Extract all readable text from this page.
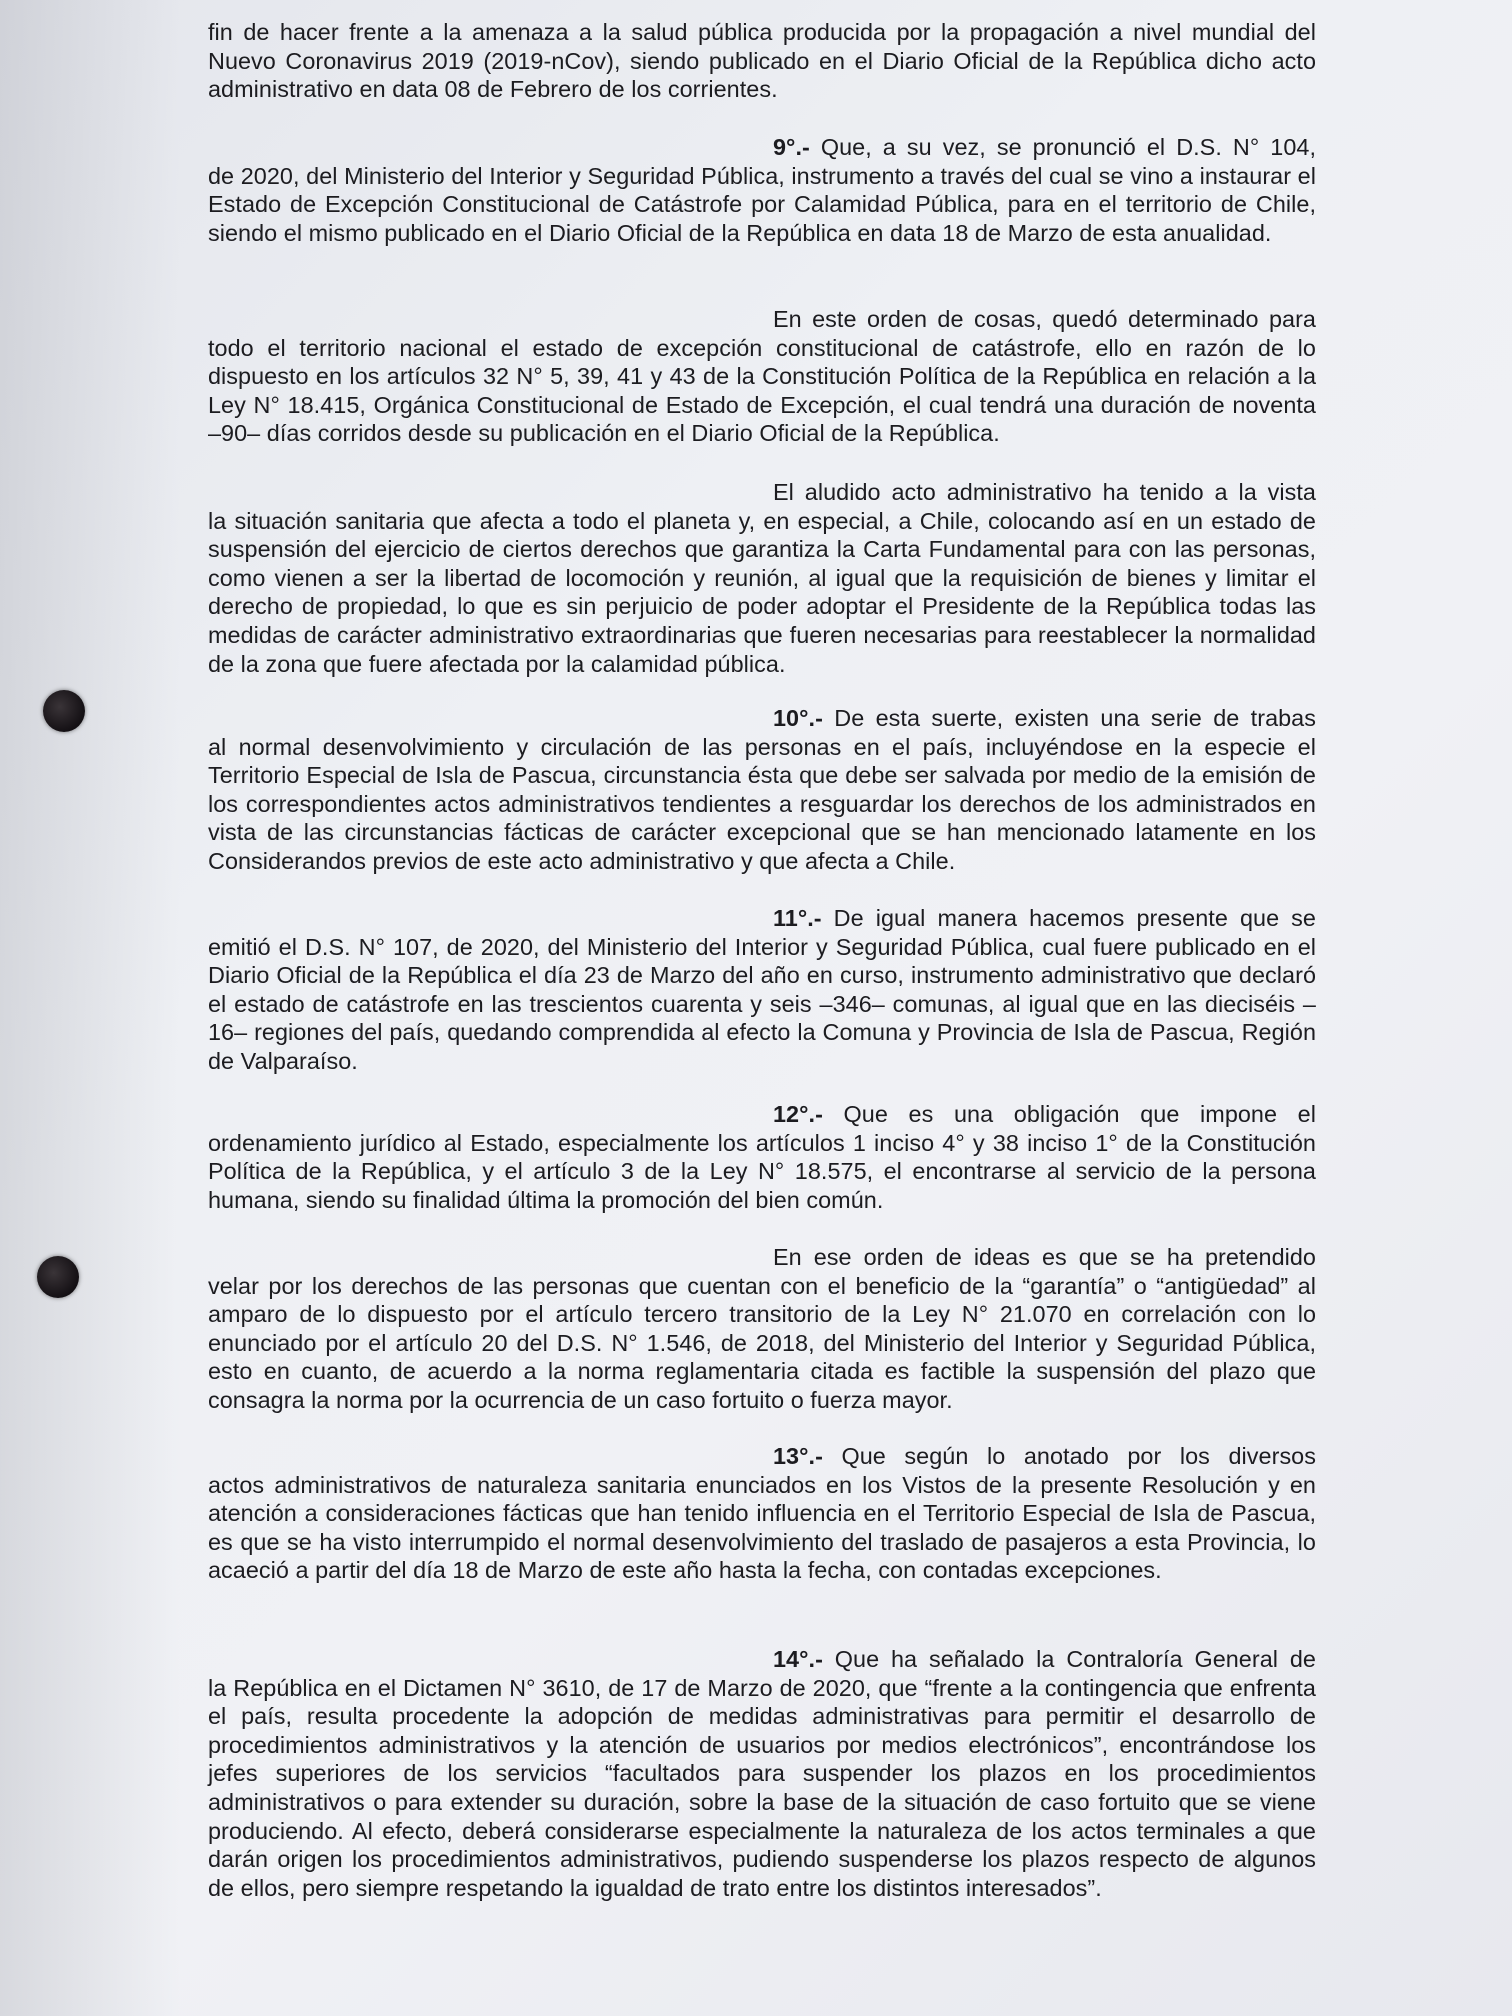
fin de hacer frente a la amenaza a la salud pública producida por la propagación a nivel mundial del Nuevo Coronavirus 2019 (2019-nCov), siendo publicado en el Diario Oficial de la República dicho acto administrativo en data 08 de Febrero de los corrientes.

9°.- Que, a su vez, se pronunció el D.S. N° 104,
de 2020, del Ministerio del Interior y Seguridad Pública, instrumento a través del cual se vino a instaurar el Estado de Excepción Constitucional de Catástrofe por Calamidad Pública, para en el territorio de Chile, siendo el mismo publicado en el Diario Oficial de la República en data 18 de Marzo de esta anualidad.

En este orden de cosas, quedó determinado para
todo el territorio nacional el estado de excepción constitucional de catástrofe, ello en razón de lo dispuesto en los artículos 32 N° 5, 39, 41 y 43 de la Constitución Política de la República en relación a la Ley N° 18.415, Orgánica Constitucional de Estado de Excepción, el cual tendrá una duración de noventa –90– días corridos desde su publicación en el Diario Oficial de la República.

El aludido acto administrativo ha tenido a la vista
la situación sanitaria que afecta a todo el planeta y, en especial, a Chile, colocando así en un estado de suspensión del ejercicio de ciertos derechos que garantiza la Carta Fundamental para con las personas, como vienen a ser la libertad de locomoción y reunión, al igual que la requisición de bienes y limitar el derecho de propiedad, lo que es sin perjuicio de poder adoptar el Presidente de la República todas las medidas de carácter administrativo extraordinarias que fueren necesarias para reestablecer la normalidad de la zona que fuere afectada por la calamidad pública.

10°.- De esta suerte, existen una serie de trabas
al normal desenvolvimiento y circulación de las personas en el país, incluyéndose en la especie el Territorio Especial de Isla de Pascua, circunstancia ésta que debe ser salvada por medio de la emisión de los correspondientes actos administrativos tendientes a resguardar los derechos de los administrados en vista de las circunstancias fácticas de carácter excepcional que se han mencionado latamente en los Considerandos previos de este acto administrativo y que afecta a Chile.

11°.- De igual manera hacemos presente que se
emitió el D.S. N° 107, de 2020, del Ministerio del Interior y Seguridad Pública, cual fuere publicado en el Diario Oficial de la República el día 23 de Marzo del año en curso, instrumento administrativo que declaró el estado de catástrofe en las trescientos cuarenta y seis –346– comunas, al igual que en las dieciséis –16– regiones del país, quedando comprendida al efecto la Comuna y Provincia de Isla de Pascua, Región de Valparaíso.

12°.- Que es una obligación que impone el
ordenamiento jurídico al Estado, especialmente los artículos 1 inciso 4° y 38 inciso 1° de la Constitución Política de la República, y el artículo 3 de la Ley N° 18.575, el encontrarse al servicio de la persona humana, siendo su finalidad última la promoción del bien común.

En ese orden de ideas es que se ha pretendido
velar por los derechos de las personas que cuentan con el beneficio de la “garantía” o “antigüedad” al amparo de lo dispuesto por el artículo tercero transitorio de la Ley N° 21.070 en correlación con lo enunciado por el artículo 20 del D.S. N° 1.546, de 2018, del Ministerio del Interior y Seguridad Pública, esto en cuanto, de acuerdo a la norma reglamentaria citada es factible la suspensión del plazo que consagra la norma por la ocurrencia de un caso fortuito o fuerza mayor.

13°.- Que según lo anotado por los diversos
actos administrativos de naturaleza sanitaria enunciados en los Vistos de la presente Resolución y en atención a consideraciones fácticas que han tenido influencia en el Territorio Especial de Isla de Pascua, es que se ha visto interrumpido el normal desenvolvimiento del traslado de pasajeros a esta Provincia, lo acaeció a partir del día 18 de Marzo de este año hasta la fecha, con contadas excepciones.

14°.- Que ha señalado la Contraloría General de
la República en el Dictamen N° 3610, de 17 de Marzo de 2020, que “frente a la contingencia que enfrenta el país, resulta procedente la adopción de medidas administrativas para permitir el desarrollo de procedimientos administrativos y la atención de usuarios por medios electrónicos”, encontrándose los jefes superiores de los servicios “facultados para suspender los plazos en los procedimientos administrativos o para extender su duración, sobre la base de la situación de caso fortuito que se viene produciendo. Al efecto, deberá considerarse especialmente la naturaleza de los actos terminales a que darán origen los procedimientos administrativos, pudiendo suspenderse los plazos respecto de algunos de ellos, pero siempre respetando la igualdad de trato entre los distintos interesados”.
